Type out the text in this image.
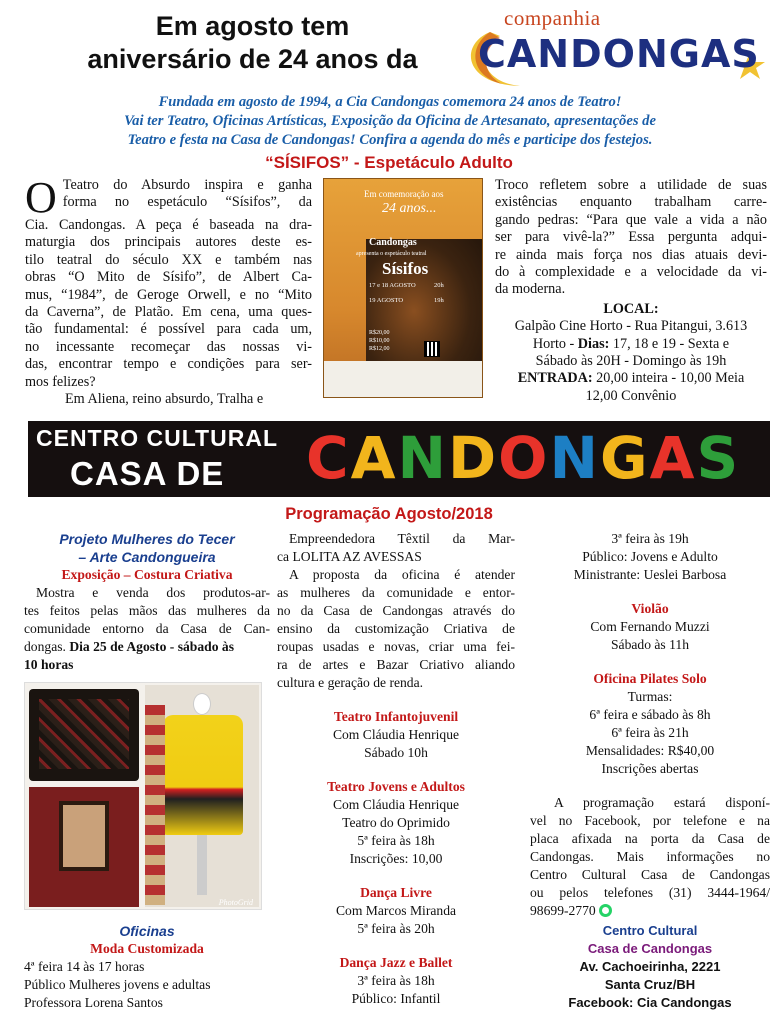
Em agosto tem
aniversário de 24 anos da
companhia
CANDONGAS
Fundada em agosto de 1994, a Cia Candongas comemora 24 anos de Teatro!
Vai ter Teatro, Oficinas Artísticas, Exposição da Oficina de Artesanato, apresentações de
Teatro e festa na Casa de Candongas! Confira a agenda do mês e participe dos festejos.
“SÍSIFOS” - Espetáculo Adulto
O Teatro do Absurdo inspira e ganha
forma no espetáculo “Sísifos”, da
Cia. Candongas. A peça é baseada na dra-
maturgia dos principais autores deste es-
tilo teatral do século XX e também nas
obras “O Mito de Sísifo”, de Albert Ca-
mus, “1984”, de Geroge Orwell, e no “Mito
da Caverna”, de Platão. Em cena, uma ques-
tão fundamental: é possível para cada um,
no incessante recomeçar das nossas vi-
das, encontrar tempo e condições para ser-
mos felizes?
Em Aliena, reino absurdo, Tralha e
Em comemoração aos
24 anos...
Candongas
apresenta o espetáculo teatral
Sísifos
17 e 18 AGOSTO
19 AGOSTO
20h
19h
R$20,00
R$10,00
R$12,00
Troco refletem sobre a utilidade de suas
existências enquanto trabalham carre-
gando pedras: “Para que vale a vida a não
ser para vivê-la?” Essa pergunta adqui-
re ainda mais força nos dias atuais devi-
do à complexidade e a velocidade da vi-
da moderna.
LOCAL:
Galpão Cine Horto - Rua Pitangui, 3.613
Horto - Dias: 17, 18 e 19 - Sexta e
Sábado às 20H - Domingo às 19h
ENTRADA: 20,00 inteira - 10,00 Meia
12,00 Convênio
CENTRO CULTURAL
CASA DE CANDONGAS
Programação Agosto/2018
Projeto Mulheres do Tecer
– Arte Candongueira
Exposição – Costura Criativa
Mostra e venda dos produtos-ar-
tes feitos pelas mãos das mulheres da
comunidade entorno da Casa de Can-
dongas. Dia 25 de Agosto - sábado às
10 horas
PhotoGrid
Oficinas
Moda Customizada
4ª feira 14 às 17 horas
Público Mulheres jovens e adultas
Professora Lorena Santos
Empreendedora Têxtil da Mar-
ca LOLITA AZ AVESSAS
A proposta da oficina é atender
as mulheres da comunidade e entor-
no da Casa de Candongas através do
ensino da customização Criativa de
roupas usadas e novas, criar uma fei-
ra de artes e Bazar Criativo aliando
cultura e geração de renda.
Teatro Infantojuvenil
Com Cláudia Henrique
Sábado 10h
Teatro Jovens e Adultos
Com Cláudia Henrique
Teatro do Oprimido
5ª feira às 18h
Inscrições: 10,00
Dança Livre
Com Marcos Miranda
5ª feira às 20h
Dança Jazz e Ballet
3ª feira às 18h
Público: Infantil
3ª feira às 19h
Público: Jovens e Adulto
Ministrante: Ueslei Barbosa
Violão
Com Fernando Muzzi
Sábado às 11h
Oficina Pilates Solo
Turmas:
6ª feira e sábado às 8h
6ª feira às 21h
Mensalidades: R$40,00
Inscrições abertas
A programação estará disponí-
vel no Facebook, por telefone e na
placa afixada na porta da Casa de
Candongas. Mais informações no
Centro Cultural Casa de Candongas
ou pelos telefones (31) 3444-1964/
98699-2770
Centro Cultural
Casa de Candongas
Av. Cachoeirinha, 2221
Santa Cruz/BH
Facebook: Cia Candongas
